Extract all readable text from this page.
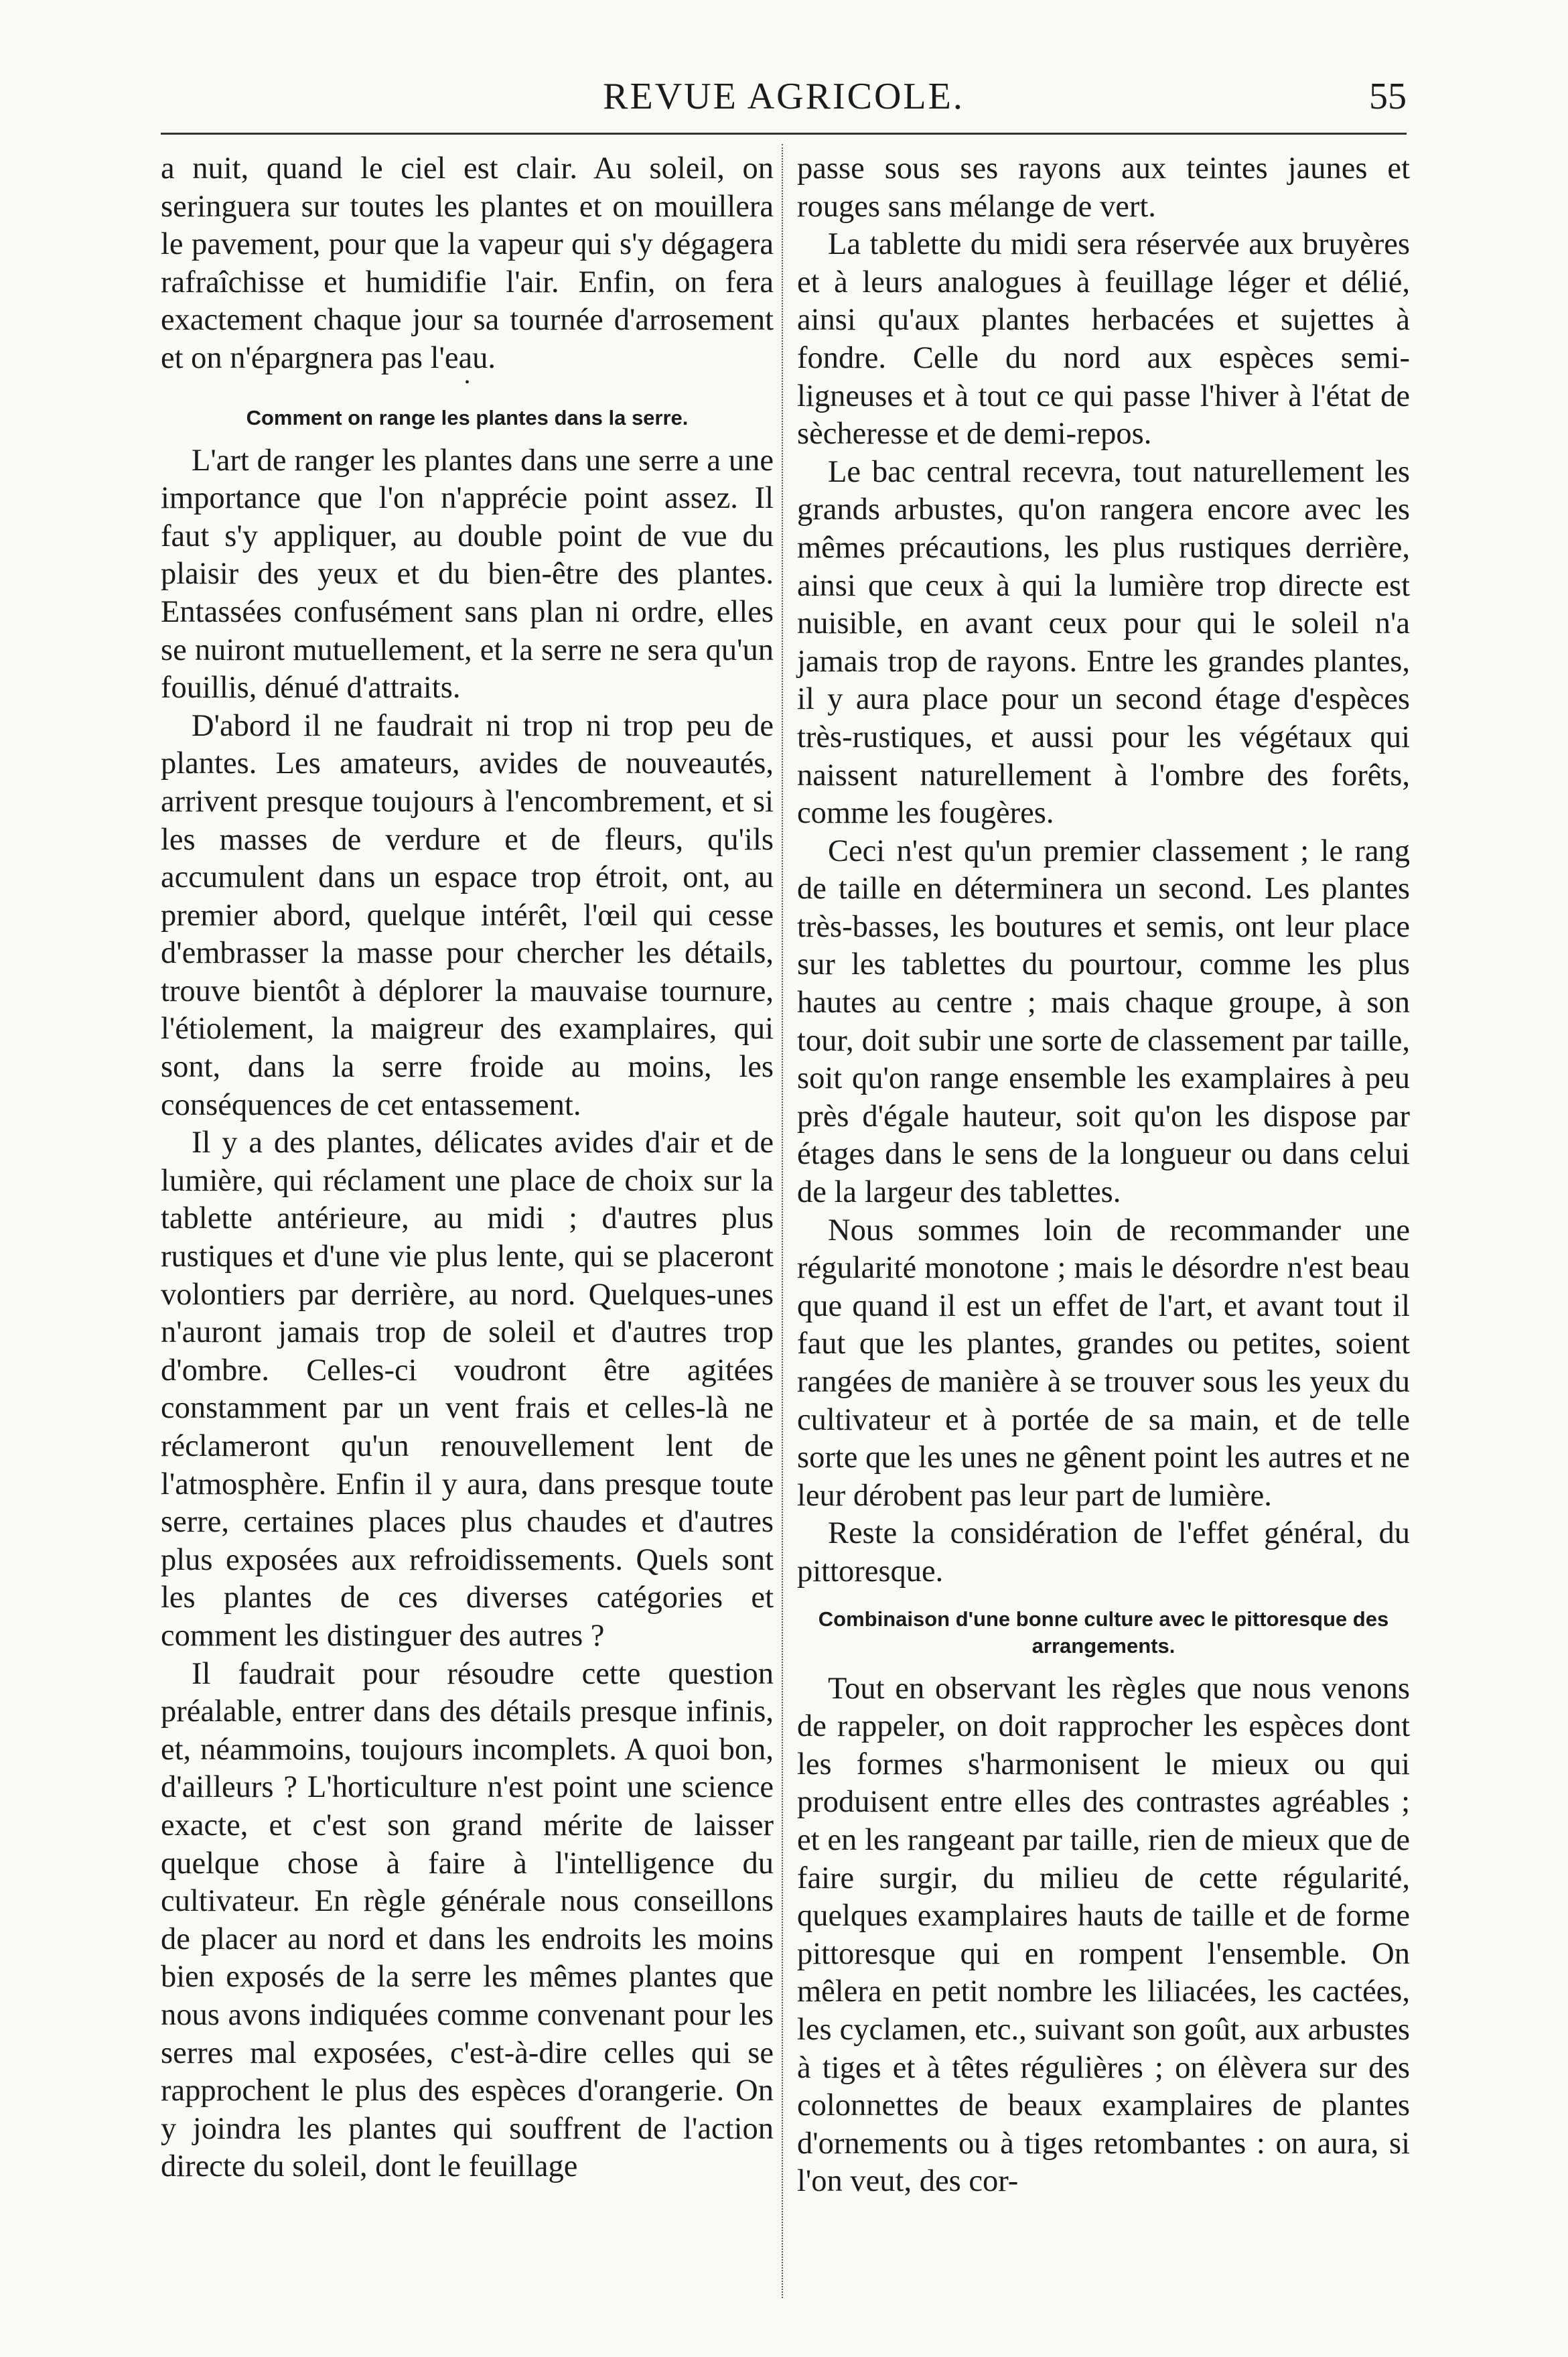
REVUE AGRICOLE.	55

a nuit, quand le ciel est clair. Au soleil, on seringuera sur toutes les plantes et on mouillera le pavement, pour que la vapeur qui s'y dégagera rafraîchisse et humidifie l'air. Enfin, on fera exactement chaque jour sa tournée d'arrosement et on n'épargnera pas l'eau.

•
Comment on range les plantes dans la serre.

L'art de ranger les plantes dans une serre a une importance que l'on n'apprécie point assez. Il faut s'y appliquer, au double point de vue du plaisir des yeux et du bien-être des plantes. Entassées confusément sans plan ni ordre, elles se nuiront mutuellement, et la serre ne sera qu'un fouillis, dénué d'attraits.

D'abord il ne faudrait ni trop ni trop peu de plantes. Les amateurs, avides de nouveautés, arrivent presque toujours à l'encombrement, et si les masses de verdure et de fleurs, qu'ils accumulent dans un espace trop étroit, ont, au premier abord, quelque intérêt, l'œil qui cesse d'embrasser la masse pour chercher les détails, trouve bientôt à déplorer la mauvaise tournure, l'étiolement, la maigreur des examplaires, qui sont, dans la serre froide au moins, les conséquences de cet entassement.

Il y a des plantes, délicates avides d'air et de lumière, qui réclament une place de choix sur la tablette antérieure, au midi ; d'autres plus rustiques et d'une vie plus lente, qui se placeront volontiers par derrière, au nord. Quelques-unes n'auront jamais trop de soleil et d'autres trop d'ombre. Celles-ci voudront être agitées constamment par un vent frais et celles-là ne réclameront qu'un renouvellement lent de l'atmosphère. Enfin il y aura, dans presque toute serre, certaines places plus chaudes et d'autres plus exposées aux refroidissements. Quels sont les plantes de ces diverses catégories et comment les distinguer des autres ?

Il faudrait pour résoudre cette question préalable, entrer dans des détails presque infinis, et, néammoins, toujours incomplets. A quoi bon, d'ailleurs ? L'horticulture n'est point une science exacte, et c'est son grand mérite de laisser quelque chose à faire à l'intelligence du cultivateur. En règle générale nous conseillons de placer au nord et dans les endroits les moins bien exposés de la serre les mêmes plantes que nous avons indiquées comme convenant pour les serres mal exposées, c'est-à-dire celles qui se rapprochent le plus des espèces d'orangerie. On y joindra les plantes qui souffrent de l'action directe du soleil, dont le feuillage

passe sous ses rayons aux teintes jaunes et rouges sans mélange de vert.

La tablette du midi sera réservée aux bruyères et à leurs analogues à feuillage léger et délié, ainsi qu'aux plantes herbacées et sujettes à fondre. Celle du nord aux espèces semi- ligneuses et à tout ce qui passe l'hiver à l'état de sècheresse et de demi-repos.

Le bac central recevra, tout naturellement les grands arbustes, qu'on rangera encore avec les mêmes précautions, les plus rustiques derrière, ainsi que ceux à qui la lumière trop directe est nuisible, en avant ceux pour qui le soleil n'a jamais trop de rayons. Entre les grandes plantes, il y aura place pour un second étage d'espèces très-rustiques, et aussi pour les végétaux qui naissent naturellement à l'ombre des forêts, comme les fougères.

Ceci n'est qu'un premier classement ; le rang de taille en déterminera un second. Les plantes très-basses, les boutures et semis, ont leur place sur les tablettes du pourtour, comme les plus hautes au centre ; mais chaque groupe, à son tour, doit subir une sorte de classement par taille, soit qu'on range ensemble les examplaires à peu près d'égale hauteur, soit qu'on les dispose par étages dans le sens de la longueur ou dans celui de la largeur des tablettes.

Nous sommes loin de recommander une régularité monotone ; mais le désordre n'est beau que quand il est un effet de l'art, et avant tout il faut que les plantes, grandes ou petites, soient rangées de manière à se trouver sous les yeux du cultivateur et à portée de sa main, et de telle sorte que les unes ne gênent point les autres et ne leur dérobent pas leur part de lumière.

Reste la considération de l'effet général, du pittoresque.

Combinaison d'une bonne culture avec le pittoresque des arrangements.

Tout en observant les règles que nous venons de rappeler, on doit rapprocher les espèces dont les formes s'harmonisent le mieux ou qui produisent entre elles des contrastes agréables ; et en les rangeant par taille, rien de mieux que de faire surgir, du milieu de cette régularité, quelques examplaires hauts de taille et de forme pittoresque qui en rompent l'ensemble. On mêlera en petit nombre les liliacées, les cactées, les cyclamen, etc., suivant son goût, aux arbustes à tiges et à têtes régulières ; on élèvera sur des colonnettes de beaux examplaires de plantes d'ornements ou à tiges retombantes : on aura, si l'on veut, des cor-
